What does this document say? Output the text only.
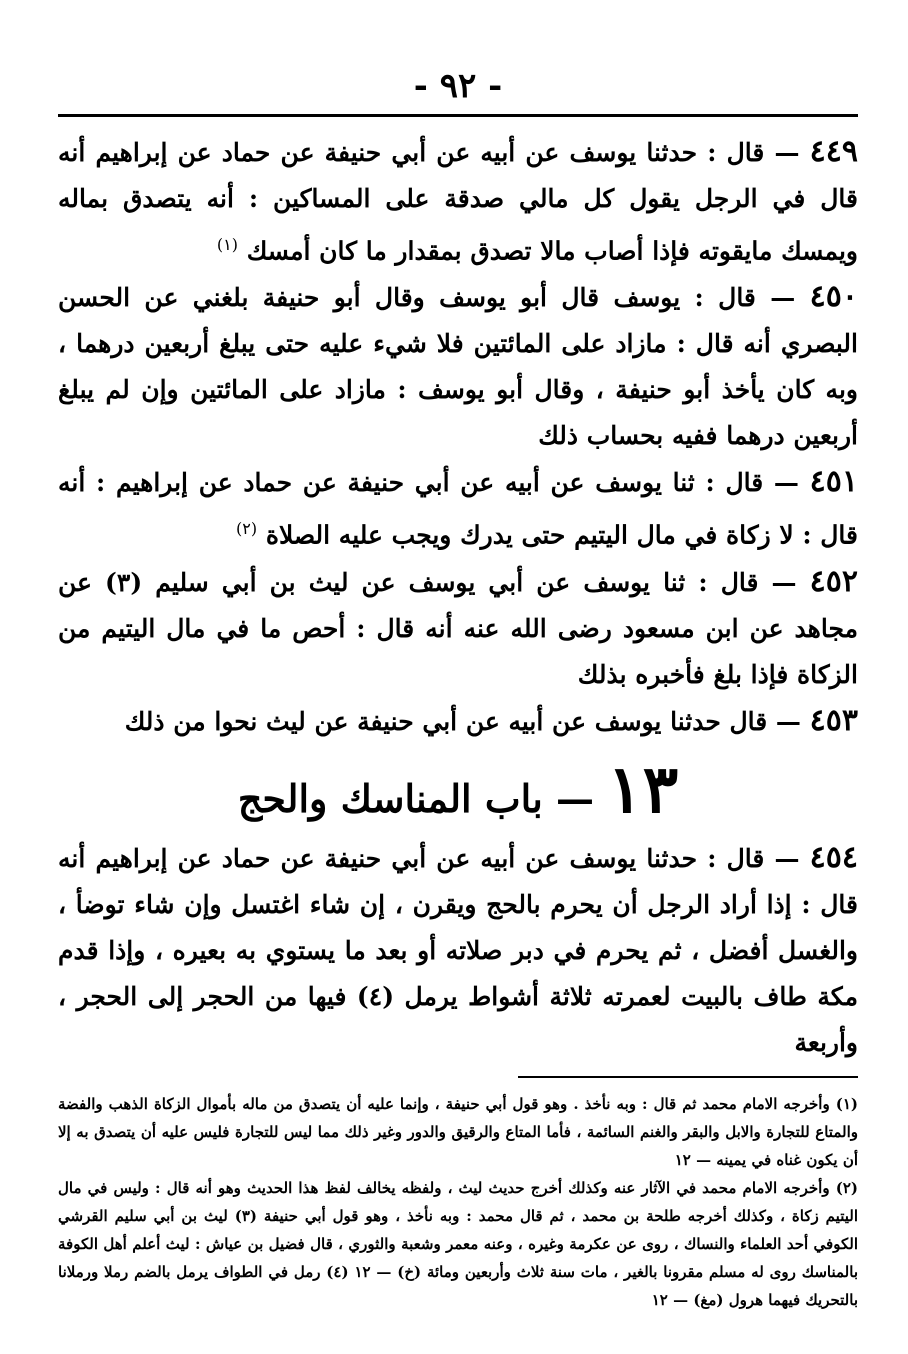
- ٩٢ -

٤٤٩ — قال : حدثنا يوسف عن أبيه عن أبي حنيفة عن حماد عن إبراهيم أنه قال في الرجل يقول كل مالي صدقة على المساكين : أنه يتصدق بماله ويمسك مايقوته فإذا أصاب مالا تصدق بمقدار ما كان أمسك $^{(١)}$

٤٥٠ — قال : يوسف قال أبو يوسف وقال أبو حنيفة بلغني عن الحسن البصري أنه قال : مازاد على المائتين فلا شيء عليه حتى يبلغ أربعين درهما ، وبه كان يأخذ أبو حنيفة ، وقال أبو يوسف : مازاد على المائتين وإن لم يبلغ أربعين درهما ففيه بحساب ذلك

٤٥١ — قال : ثنا يوسف عن أبيه عن أبي حنيفة عن حماد عن إبراهيم : أنه قال : لا زكاة في مال اليتيم حتى يدرك ويجب عليه الصلاة $^{(٢)}$

٤٥٢ — قال : ثنا يوسف عن أبي يوسف عن ليث بن أبي سليم (٣) عن مجاهد عن ابن مسعود رضى الله عنه أنه قال : أحص ما في مال اليتيم من الزكاة فإذا بلغ فأخبره بذلك

٤٥٣ — قال حدثنا يوسف عن أبيه عن أبي حنيفة عن ليث نحوا من ذلك

١٣ — باب المناسك والحج

٤٥٤ — قال : حدثنا يوسف عن أبيه عن أبي حنيفة عن حماد عن إبراهيم أنه قال : إذا أراد الرجل أن يحرم بالحج ويقرن ، إن شاء اغتسل وإن شاء توضأ ، والغسل أفضل ، ثم يحرم في دبر صلاته أو بعد ما يستوي به بعيره ، وإذا قدم مكة طاف بالبيت لعمرته ثلاثة أشواط يرمل (٤) فيها من الحجر إلى الحجر ، وأربعة

(١) وأخرجه الامام محمد ثم قال : وبه نأخذ . وهو قول أبي حنيفة ، وإنما عليه أن يتصدق من ماله بأموال الزكاة الذهب والفضة والمتاع للتجارة والابل والبقر والغنم السائمة ، فأما المتاع والرقيق والدور وغير ذلك مما ليس للتجارة فليس عليه أن يتصدق به إلا أن يكون غناه في يمينه — ١٢

(٢) وأخرجه الامام محمد في الآثار عنه وكذلك أخرج حديث ليث ، ولفظه يخالف لفظ هذا الحديث وهو أنه قال : وليس في مال اليتيم زكاة ، وكذلك أخرجه طلحة بن محمد ، ثم قال محمد : وبه نأخذ ، وهو قول أبي حنيفة (٣) ليث بن أبي سليم القرشي الكوفي أحد العلماء والنساك ، روى عن عكرمة وغيره ، وعنه معمر وشعبة والثوري ، قال فضيل بن عياش : ليث أعلم أهل الكوفة بالمناسك روى له مسلم مقرونا بالغير ، مات سنة ثلاث وأربعين ومائة (خ) — ١٢ (٤) رمل في الطواف يرمل بالضم رملا ورملانا بالتحريك فيهما هرول (مغ) — ١٢
